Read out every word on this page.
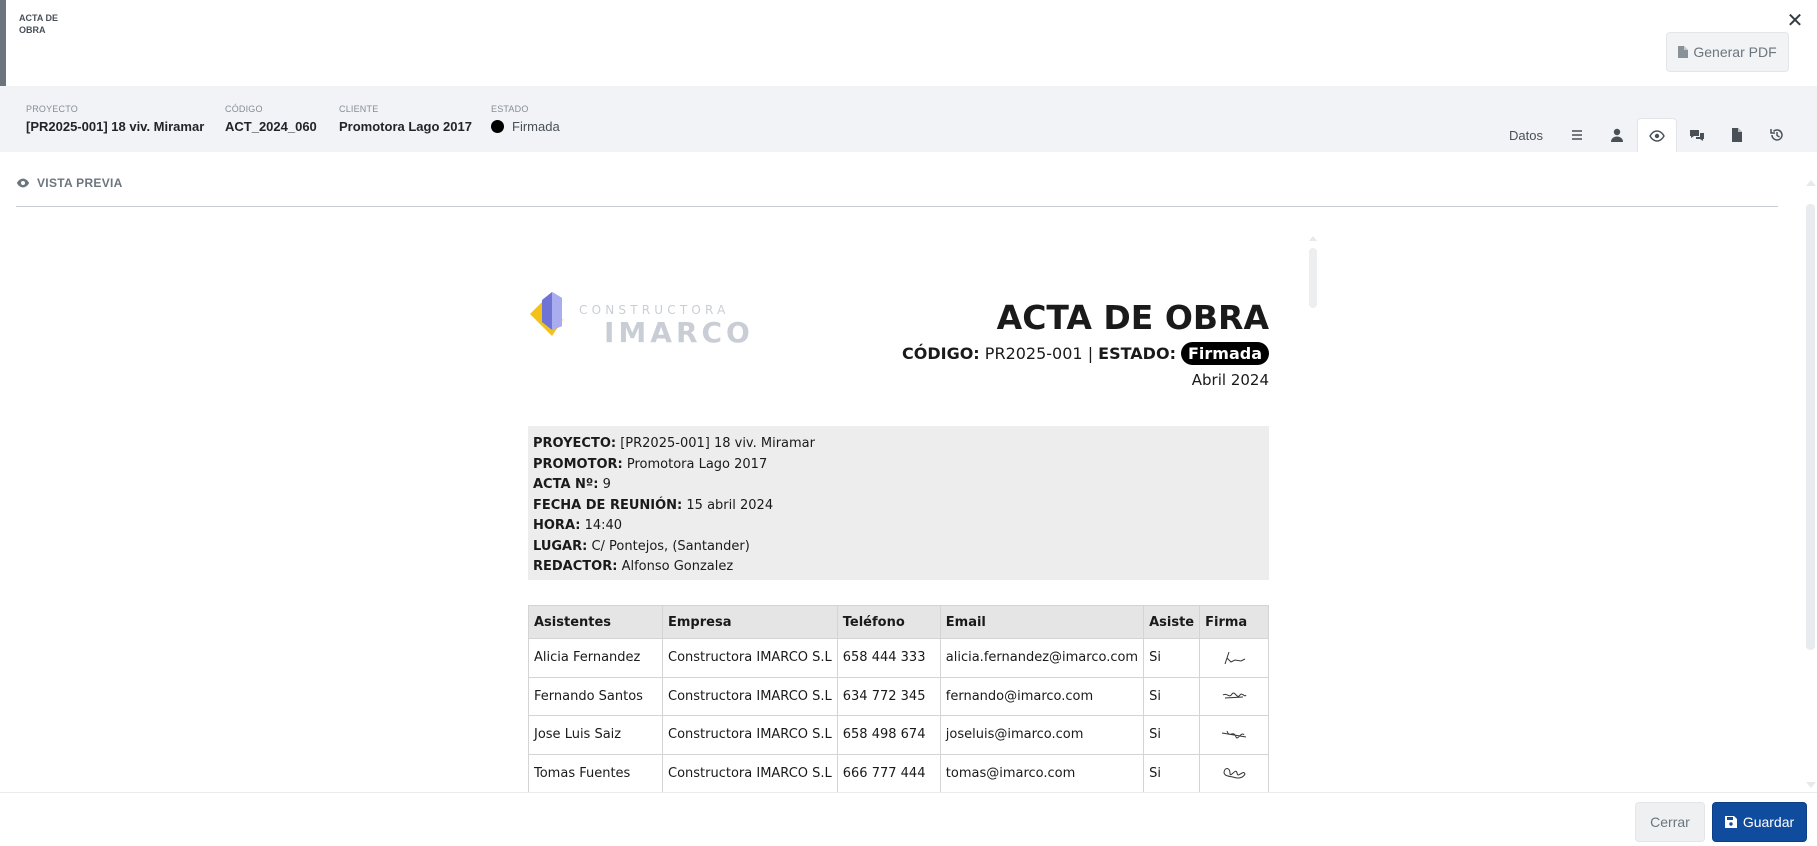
ACTA DE OBRA	✕
Generar PDF
PROYECTO
[PR2025-001] 18 viv. Miramar
CÓDIGO
ACT_2024_060
CLIENTE
Promotora Lago 2017
ESTADO
Firmada
Datos
VISTA PREVIA
CONSTRUCTORA
IMARCO	ACTA DE OBRA
CÓDIGO:
PR2025-001
|
ESTADO: Firmada
Abril 2024
PROYECTO: [PR2025-001] 18 viv. Miramar
PROMOTOR: Promotora Lago 2017
ACTA Nº: 9
FECHA DE REUNIÓN: 15 abril 2024
HORA: 14:40
LUGAR: C/ Pontejos, (Santander)
REDACTOR: Alfonso Gonzalez
Asistentes	Empresa	Teléfono	Email	Asiste	Firma
Alicia Fernandez	Constructora IMARCO S.L	658 444 333	alicia.fernandez@imarco.com	Si	
Fernando Santos	Constructora IMARCO S.L	634 772 345	fernando@imarco.com	Si	
Jose Luis Saiz	Constructora IMARCO S.L	658 498 674	joseluis@imarco.com	Si	
Tomas Fuentes	Constructora IMARCO S.L	666 777 444	tomas@imarco.com	Si	
Cerrar	Guardar
